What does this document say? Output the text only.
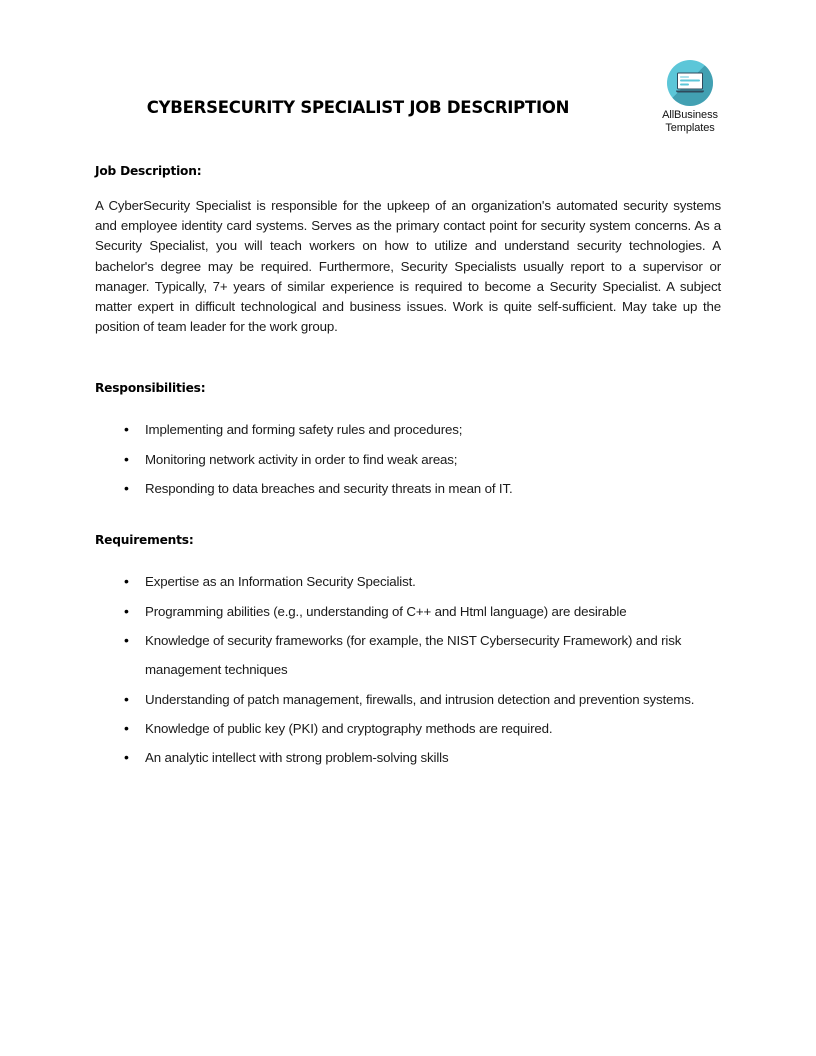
AllBusiness
Templates
CYBERSECURITY SPECIALIST JOB DESCRIPTION

Job Description:

A CyberSecurity Specialist is responsible for the upkeep of an organization's automated security systems and employee identity card systems. Serves as the primary contact point for security system concerns. As a Security Specialist, you will teach workers on how to utilize and understand security technologies. A bachelor's degree may be required. Furthermore, Security Specialists usually report to a supervisor or manager. Typically, 7+ years of similar experience is required to become a Security Specialist. A subject matter expert in difficult technological and business issues. Work is quite self-sufficient. May take up the position of team leader for the work group.

Responsibilities:

• Implementing and forming safety rules and procedures;
• Monitoring network activity in order to find weak areas;
• Responding to data breaches and security threats in mean of IT.

Requirements:

• Expertise as an Information Security Specialist.
• Programming abilities (e.g., understanding of C++ and Html language) are desirable
• Knowledge of security frameworks (for example, the NIST Cybersecurity Framework) and risk management techniques
• Understanding of patch management, firewalls, and intrusion detection and prevention systems.
• Knowledge of public key (PKI) and cryptography methods are required.
• An analytic intellect with strong problem-solving skills
